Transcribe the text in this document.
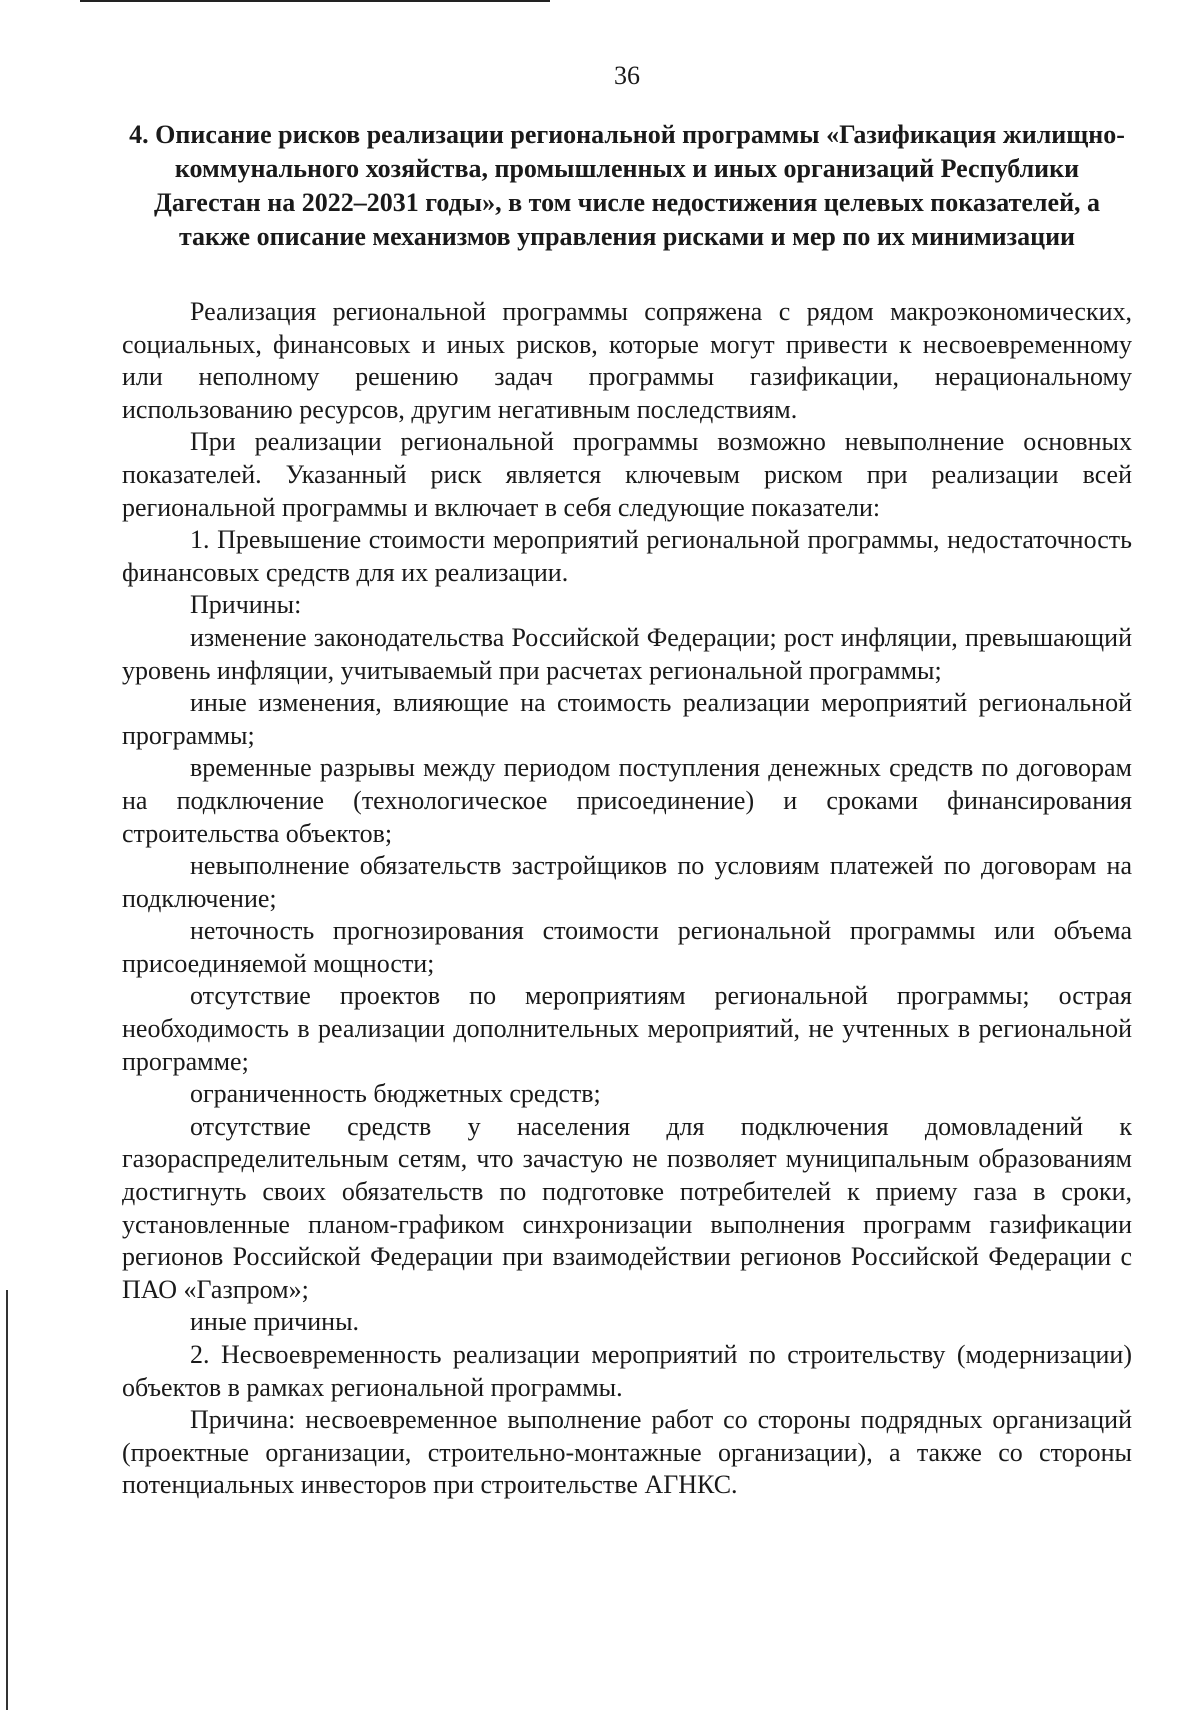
36
4. Описание рисков реализации региональной программы «Газификация жилищно-коммунального хозяйства, промышленных и иных организаций Республики Дагестан на 2022–2031 годы», в том числе недостижения целевых показателей, а также описание механизмов управления рисками и мер по их минимизации

Реализация региональной программы сопряжена с рядом макроэкономических, социальных, финансовых и иных рисков, которые могут привести к несвоевременному или неполному решению задач программы газификации, нерациональному использованию ресурсов, другим негативным последствиям.

При реализации региональной программы возможно невыполнение основных показателей. Указанный риск является ключевым риском при реализации всей региональной программы и включает в себя следующие показатели:

1. Превышение стоимости мероприятий региональной программы, недостаточность финансовых средств для их реализации.

Причины:

изменение законодательства Российской Федерации; рост инфляции, превышающий уровень инфляции, учитываемый при расчетах региональной программы;

иные изменения, влияющие на стоимость реализации мероприятий региональной программы;

временные разрывы между периодом поступления денежных средств по договорам на подключение (технологическое присоединение) и сроками финансирования строительства объектов;

невыполнение обязательств застройщиков по условиям платежей по договорам на подключение;

неточность прогнозирования стоимости региональной программы или объема присоединяемой мощности;

отсутствие проектов по мероприятиям региональной программы; острая необходимость в реализации дополнительных мероприятий, не учтенных в региональной программе;

ограниченность бюджетных средств;

отсутствие средств у населения для подключения домовладений к газораспределительным сетям, что зачастую не позволяет муниципальным образованиям достигнуть своих обязательств по подготовке потребителей к приему газа в сроки, установленные планом-графиком синхронизации выполнения программ газификации регионов Российской Федерации при взаимодействии регионов Российской Федерации с ПАО «Газпром»;

иные причины.

2. Несвоевременность реализации мероприятий по строительству (модернизации) объектов в рамках региональной программы.

Причина: несвоевременное выполнение работ со стороны подрядных организаций (проектные организации, строительно-монтажные организации), а также со стороны потенциальных инвесторов при строительстве АГНКС.
